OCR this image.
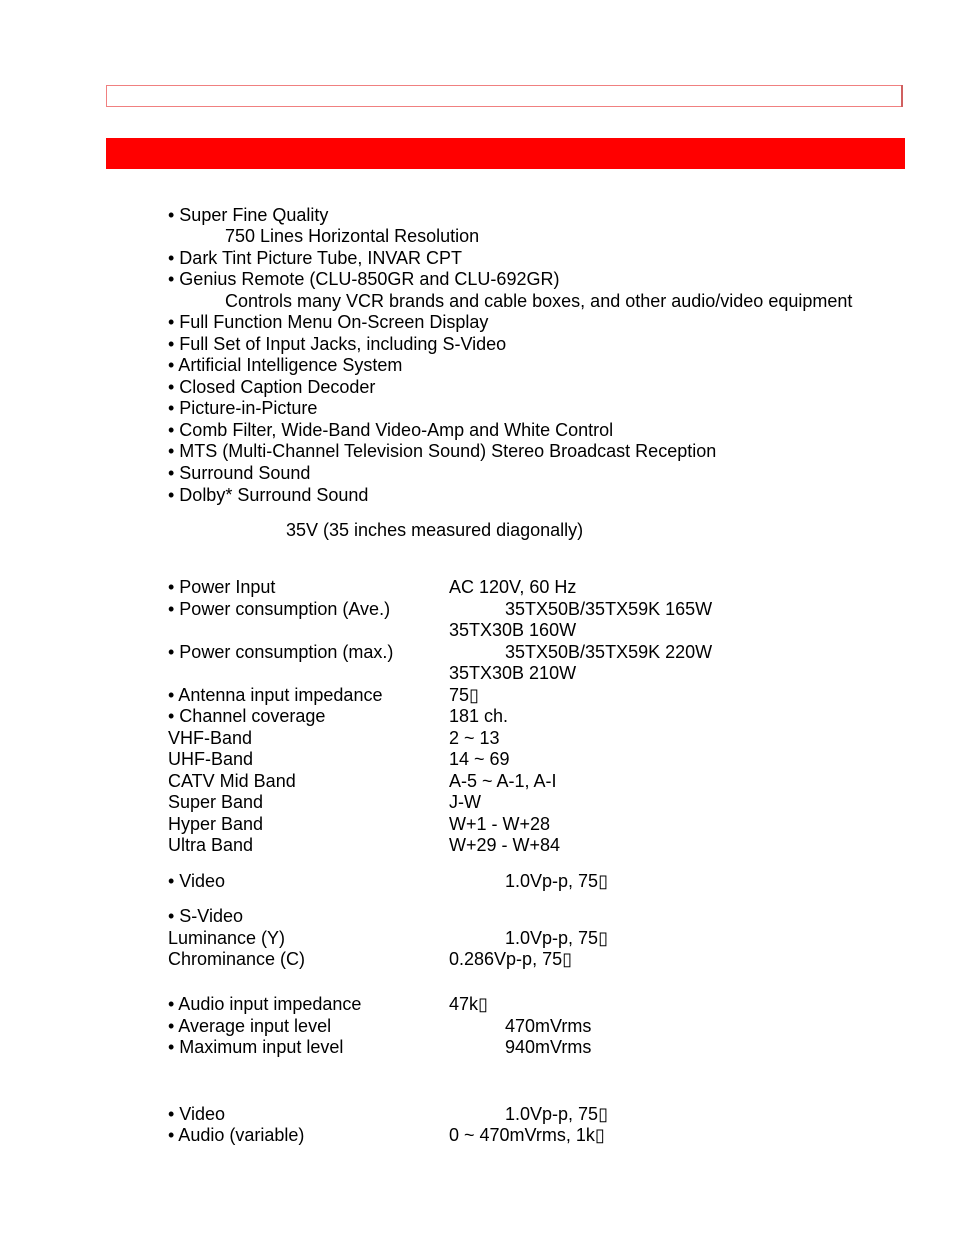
• Super Fine Quality
750 Lines Horizontal Resolution
• Dark Tint Picture Tube, INVAR CPT
• Genius Remote (CLU-850GR and CLU-692GR)
Controls many VCR brands and cable boxes, and other audio/video equipment
• Full Function Menu On-Screen Display
• Full Set of Input Jacks, including S-Video
• Artificial Intelligence System
• Closed Caption Decoder
• Picture-in-Picture
• Comb Filter, Wide-Band Video-Amp and White Control
• MTS (Multi-Channel Television Sound) Stereo Broadcast Reception
• Surround Sound
• Dolby* Surround Sound
35V (35 inches measured diagonally)
• Power Input	AC 120V, 60 Hz
• Power consumption (Ave.)	35TX50B/35TX59K 165W
35TX30B 160W
• Power consumption (max.)	35TX50B/35TX59K 220W
35TX30B 210W
• Antenna input impedance	75▯
• Channel coverage	181 ch.
VHF-Band	2 ~ 13
UHF-Band	14 ~ 69
CATV Mid Band	A-5 ~ A-1, A-I
Super Band	J-W
Hyper Band	W+1 - W+28
Ultra Band	W+29 - W+84
• Video	1.0Vp-p, 75▯
• S-Video
Luminance (Y)	1.0Vp-p, 75▯
Chrominance (C)	0.286Vp-p, 75▯
• Audio input impedance	47k▯
• Average input level	470mVrms
• Maximum input level	940mVrms
• Video	1.0Vp-p, 75▯
• Audio (variable)	0 ~ 470mVrms, 1k▯
